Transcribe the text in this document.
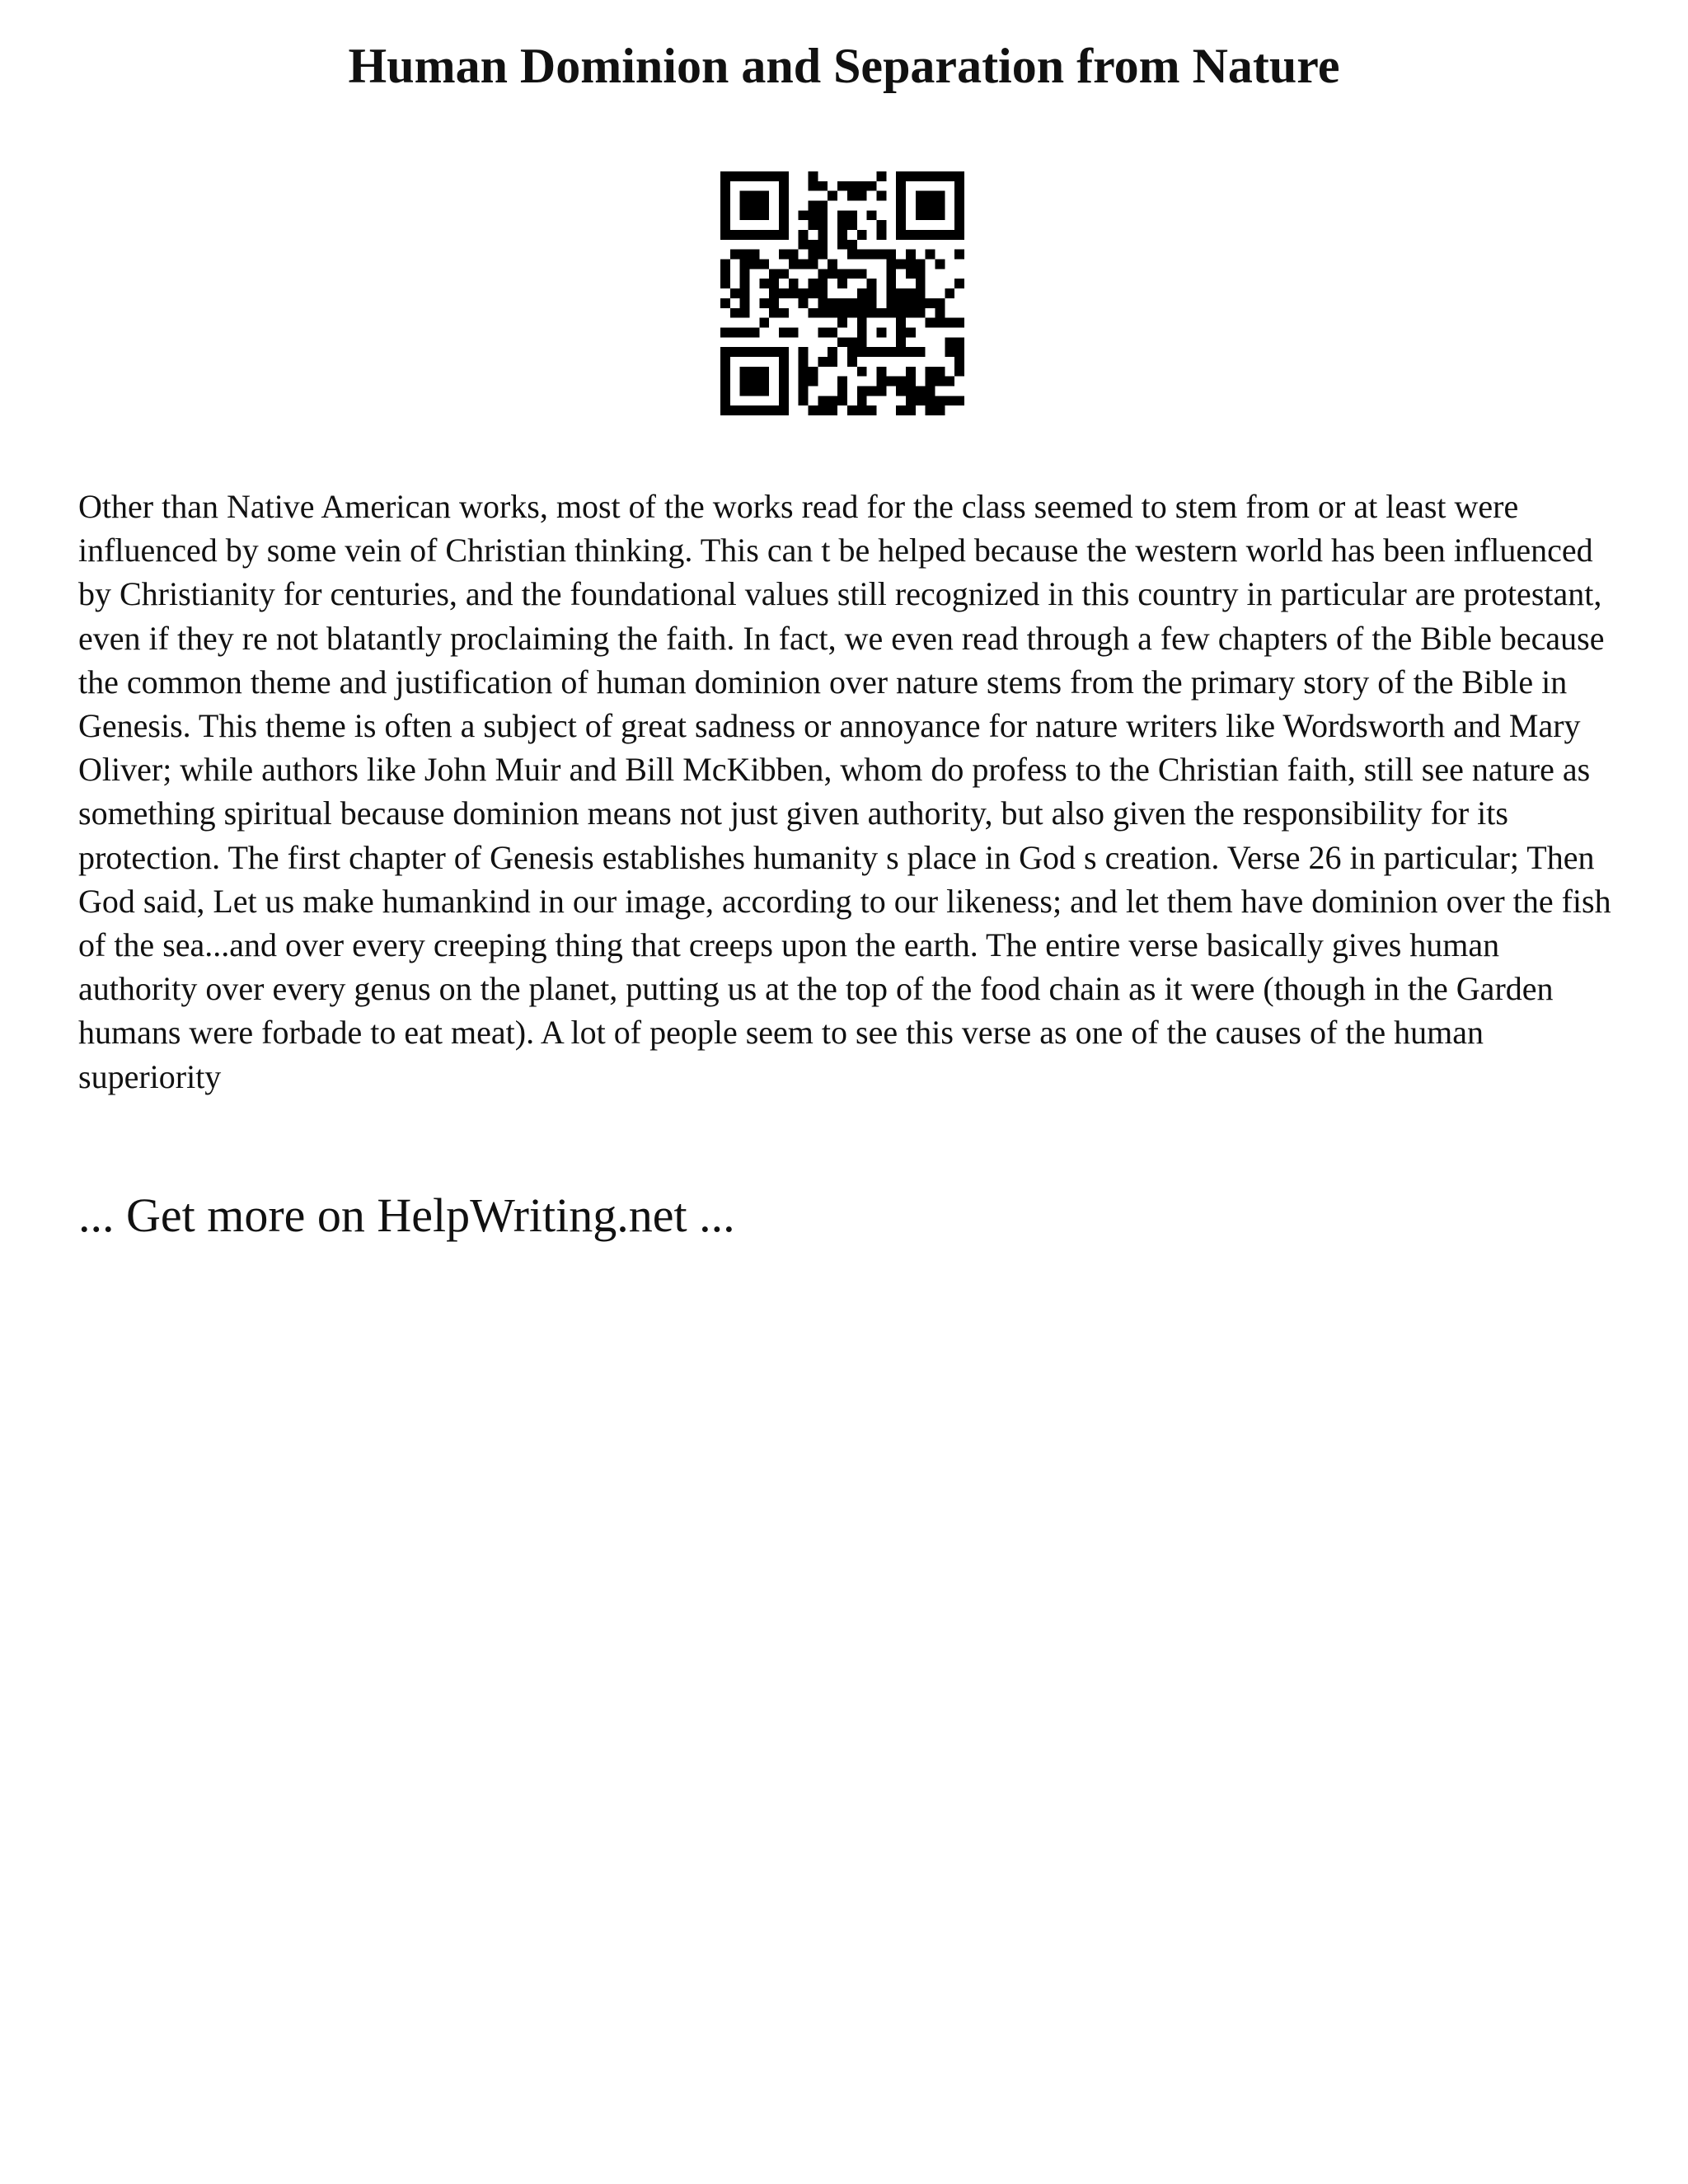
Human Dominion and Separation from Nature

Other than Native American works, most of the works read for the class seemed to stem from or at least were influenced by some vein of Christian thinking. This can t be helped because the western world has been influenced by Christianity for centuries, and the foundational values still recognized in this country in particular are protestant, even if they re not blatantly proclaiming the faith. In fact, we even read through a few chapters of the Bible because the common theme and justification of human dominion over nature stems from the primary story of the Bible in Genesis. This theme is often a subject of great sadness or annoyance for nature writers like Wordsworth and Mary Oliver; while authors like John Muir and Bill McKibben, whom do profess to the Christian faith, still see nature as something spiritual because dominion means not just given authority, but also given the responsibility for its protection. The first chapter of Genesis establishes humanity s place in God s creation. Verse 26 in particular; Then God said, Let us make humankind in our image, according to our likeness; and let them have dominion over the fish of the sea...and over every creeping thing that creeps upon the earth. The entire verse basically gives human authority over every genus on the planet, putting us at the top of the food chain as it were (though in the Garden humans were forbade to eat meat). A lot of people seem to see this verse as one of the causes of the human superiority

... Get more on HelpWriting.net ...
